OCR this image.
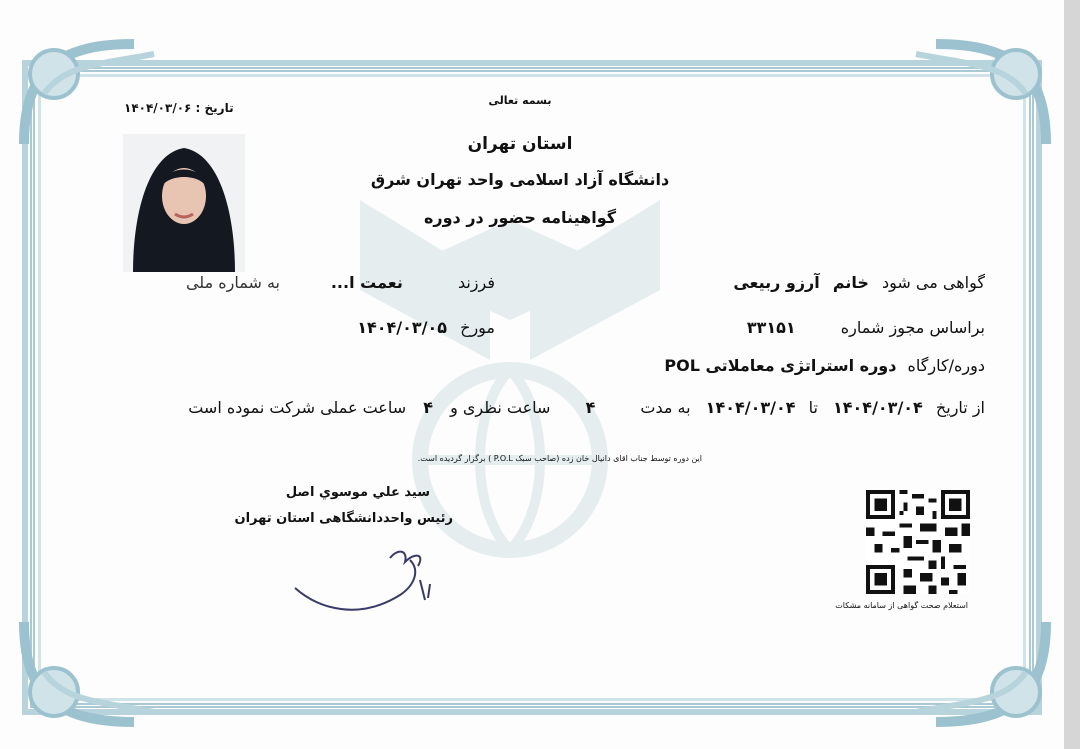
بسمه تعالی
تاریخ : ۱۴۰۴/۰۳/۰۶
استان تهران
دانشگاه آزاد اسلامی واحد تهران شرق
گواهینامه حضور در دوره
گواهی می شود خانم آرزو ربیعی
فرزند نعمت ا...
به شماره ملی
براساس مجوز شماره ۳۳۱۵۱
مورخ ۱۴۰۴/۰۳/۰۵
دوره/کارگاه دوره استراتژی معاملاتی POL
از تاریخ ۱۴۰۴/۰۳/۰۴ تا ۱۴۰۴/۰۳/۰۴ به مدت ۴ ساعت نظری و ۴ ساعت عملی شرکت نموده است
این دوره توسط جناب اقای دانیال خان زده (صاحب سبک P.O.L ) برگزار گردیده است.
سید علي موسوي اصل
رئیس واحددانشگاهی استان تهران
استعلام صحت گواهی از سامانه مشکات
